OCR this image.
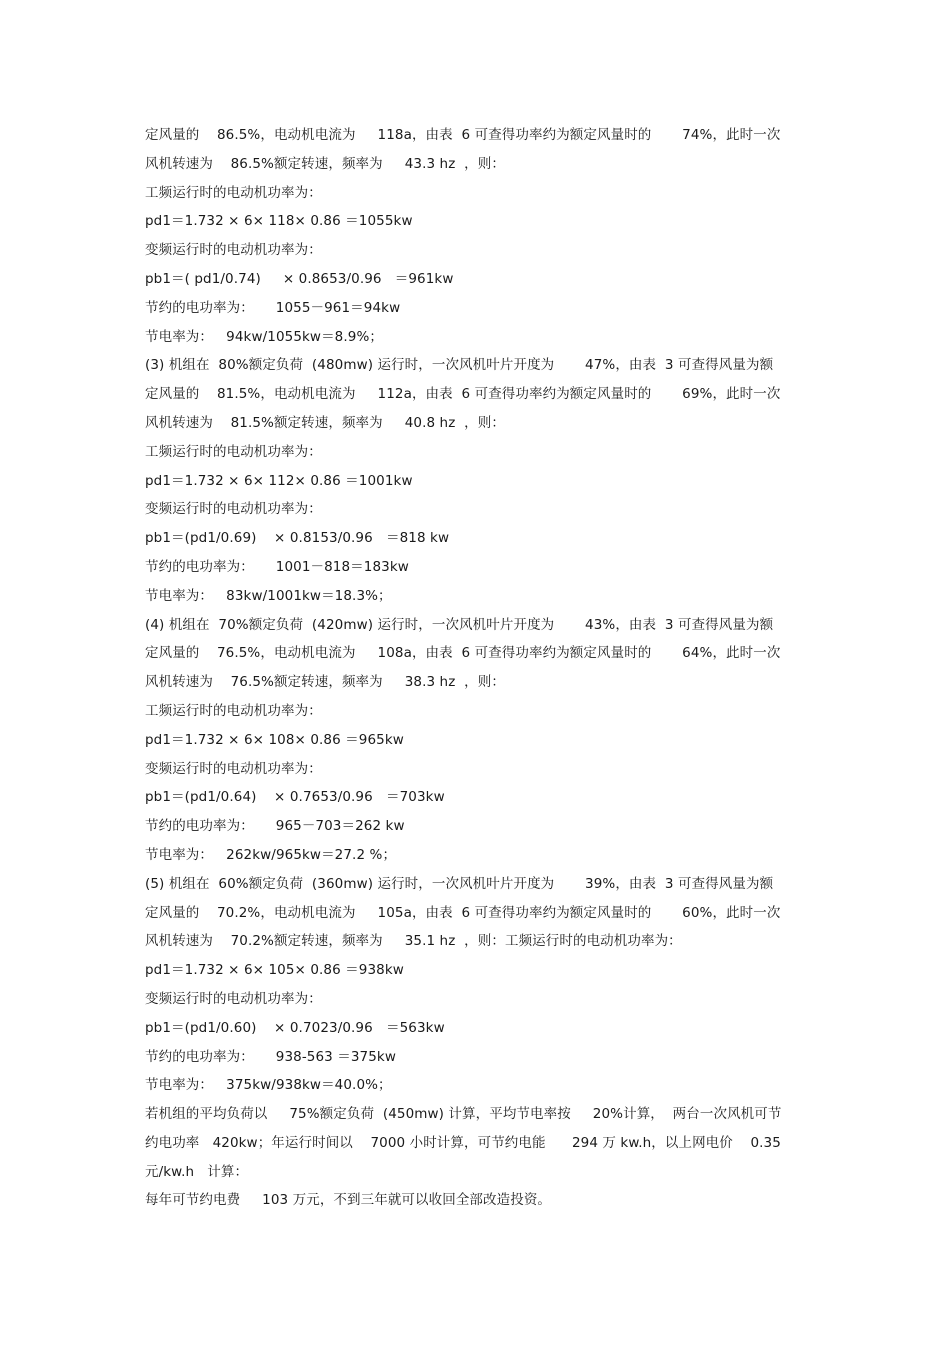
定风量的    86.5%，电动机电流为     118a，由表  6 可查得功率约为额定风量时的       74%，此时一次
风机转速为    86.5%额定转速，频率为     43.3 hz  ，则：
工频运行时的电动机功率为：
pd1＝1.732 × 6× 118× 0.86 ＝1055kw
变频运行时的电动机功率为：
pb1＝( pd1/0.74)     × 0.8653/0.96   ＝961kw
节约的电功率为：     1055－961＝94kw
节电率为：   94kw/1055kw＝8.9%；
(3) 机组在  80%额定负荷  (480mw) 运行时，一次风机叶片开度为       47%，由表  3 可查得风量为额
定风量的    81.5%，电动机电流为     112a，由表  6 可查得功率约为额定风量时的       69%，此时一次
风机转速为    81.5%额定转速，频率为     40.8 hz  ，则：
工频运行时的电动机功率为：
pd1＝1.732 × 6× 112× 0.86 ＝1001kw
变频运行时的电动机功率为：
pb1＝(pd1/0.69)    × 0.8153/0.96   ＝818 kw
节约的电功率为：     1001－818＝183kw
节电率为：   83kw/1001kw＝18.3%；
(4) 机组在  70%额定负荷  (420mw) 运行时，一次风机叶片开度为       43%，由表  3 可查得风量为额
定风量的    76.5%，电动机电流为     108a，由表  6 可查得功率约为额定风量时的       64%，此时一次
风机转速为    76.5%额定转速，频率为     38.3 hz  ，则：
工频运行时的电动机功率为：
pd1＝1.732 × 6× 108× 0.86 ＝965kw
变频运行时的电动机功率为：
pb1＝(pd1/0.64)    × 0.7653/0.96   ＝703kw
节约的电功率为：     965－703＝262 kw
节电率为：   262kw/965kw＝27.2 %；
(5) 机组在  60%额定负荷  (360mw) 运行时，一次风机叶片开度为       39%，由表  3 可查得风量为额
定风量的    70.2%，电动机电流为     105a，由表  6 可查得功率约为额定风量时的       60%，此时一次
风机转速为    70.2%额定转速，频率为     35.1 hz  ，则：工频运行时的电动机功率为：
pd1＝1.732 × 6× 105× 0.86 ＝938kw
变频运行时的电动机功率为：
pb1＝(pd1/0.60)    × 0.7023/0.96   ＝563kw
节约的电功率为：     938-563 ＝375kw
节电率为：   375kw/938kw＝40.0%；
若机组的平均负荷以     75%额定负荷  (450mw) 计算，平均节电率按     20%计算，  两台一次风机可节
约电功率   420kw；年运行时间以    7000 小时计算，可节约电能      294 万 kw.h，以上网电价    0.35
元/kw.h   计算：
每年可节约电费     103 万元，不到三年就可以收回全部改造投资。
